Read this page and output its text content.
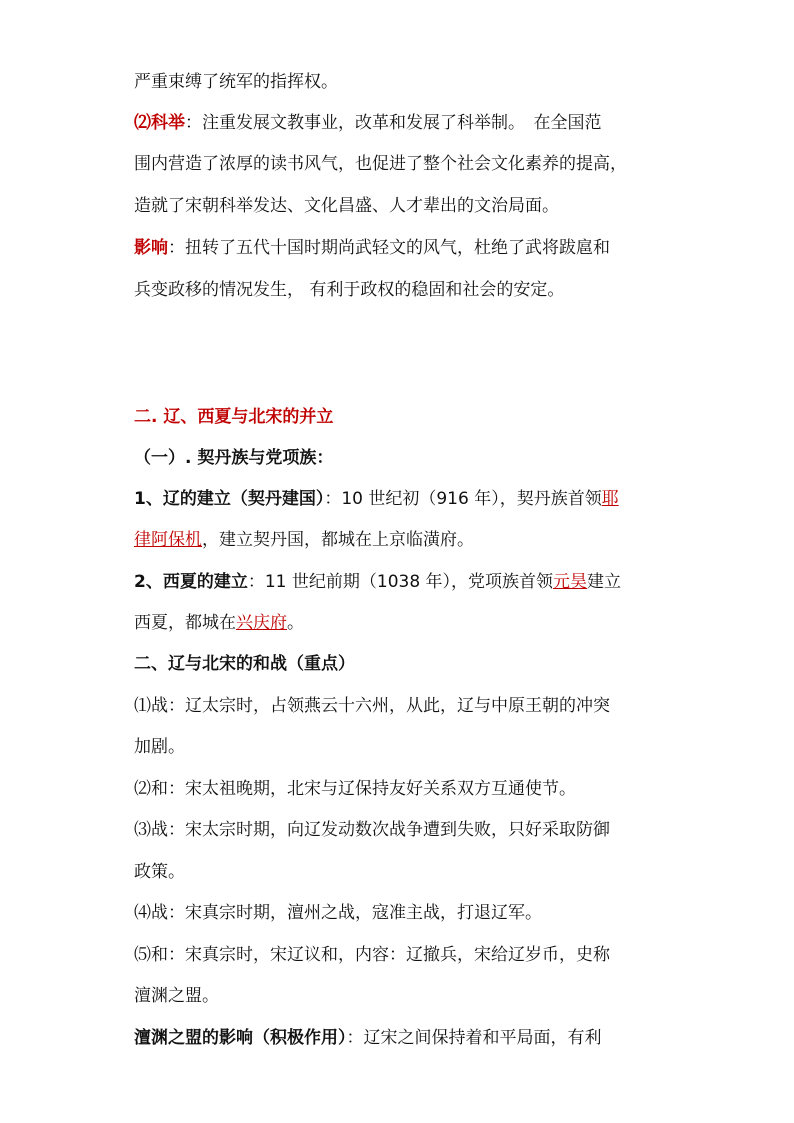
严重束缚了统军的指挥权。
⑵科举：注重发展文教事业，改革和发展了科举制。　在全国范
围内营造了浓厚的读书风气，也促进了整个社会文化素养的提高，
造就了宋朝科举发达、文化昌盛、人才辈出的文治局面。
影响：扭转了五代十国时期尚武轻文的风气，杜绝了武将跋扈和
兵变政移的情况发生， 有利于政权的稳固和社会的安定。
二. 辽、西夏与北宋的并立
（一）. 契丹族与党项族：
1、辽的建立（契丹建国）：10 世纪初（916 年），契丹族首领耶
律阿保机，建立契丹国，都城在上京临潢府。
2、西夏的建立：11 世纪前期（1038 年），党项族首领元昊建立
西夏，都城在兴庆府。
二、辽与北宋的和战（重点）
⑴战：辽太宗时，占领燕云十六州，从此，辽与中原王朝的冲突
加剧。
⑵和：宋太祖晚期，北宋与辽保持友好关系双方互通使节。
⑶战：宋太宗时期，向辽发动数次战争遭到失败，只好采取防御
政策。
⑷战：宋真宗时期，澶州之战，寇准主战，打退辽军。
⑸和：宋真宗时，宋辽议和，内容：辽撤兵，宋给辽岁币，史称
澶渊之盟。
澶渊之盟的影响（积极作用）：辽宋之间保持着和平局面，有利
